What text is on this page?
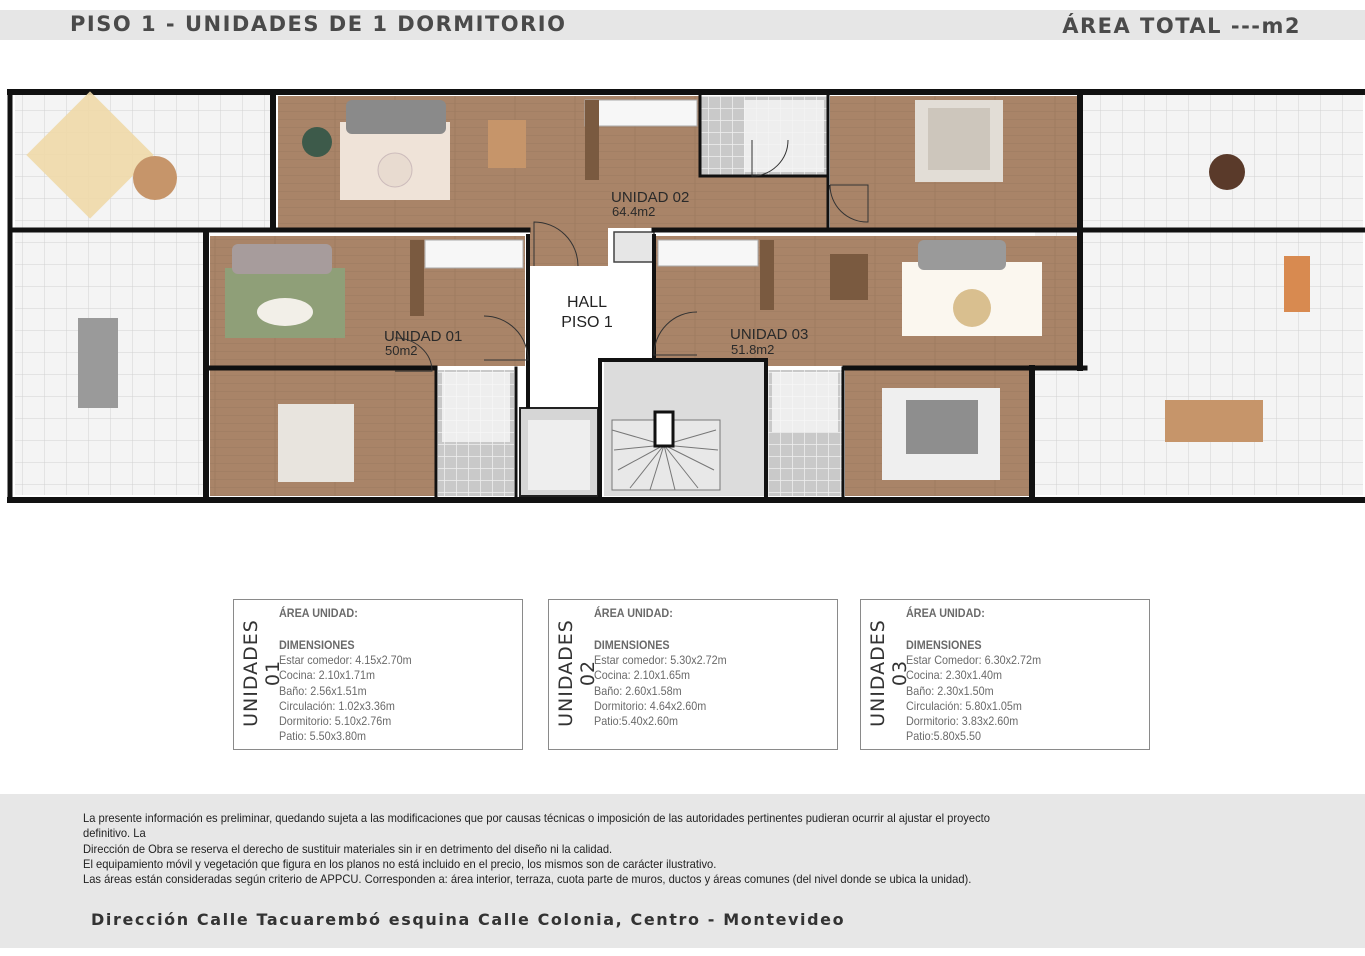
PISO 1 - UNIDADES DE 1 DORMITORIO	ÁREA TOTAL ---m2
HALL
PISO 1
UNIDAD 02
64.4m2
UNIDAD 01
50m2
UNIDAD 03
51.8m2
UNIDADES 01
ÁREA UNIDAD:
DIMENSIONES
Estar comedor: 4.15x2.70m
Cocina: 2.10x1.71m
Baño: 2.56x1.51m
Circulación: 1.02x3.36m
Dormitorio: 5.10x2.76m
Patio: 5.50x3.80m
UNIDADES 02
ÁREA UNIDAD:
DIMENSIONES
Estar comedor: 5.30x2.72m
Cocina: 2.10x1.65m
Baño: 2.60x1.58m
Dormitorio: 4.64x2.60m
Patio:5.40x2.60m	UNIDADES 03
ÁREA UNIDAD:
DIMENSIONES
Estar Comedor: 6.30x2.72m
Cocina: 2.30x1.40m
Baño: 2.30x1.50m
Circulación: 5.80x1.05m
Dormitorio: 3.83x2.60m
Patio:5.80x5.50

La presente información es preliminar, quedando sujeta a las modificaciones que por causas técnicas o imposición de las autoridades pertinentes pudieran ocurrir al ajustar el proyecto definitivo. La

Dirección de Obra se reserva el derecho de sustituir materiales sin ir en detrimento del diseño ni la calidad.

El equipamiento móvil y vegetación que figura en los planos no está incluido en el precio, los mismos son de carácter ilustrativo.

Las áreas están consideradas según criterio de APPCU. Corresponden a: área interior, terraza, cuota parte de muros, ductos y áreas comunes (del nivel donde se ubica la unidad).

Dirección Calle Tacuarembó esquina Calle Colonia, Centro - Montevideo
